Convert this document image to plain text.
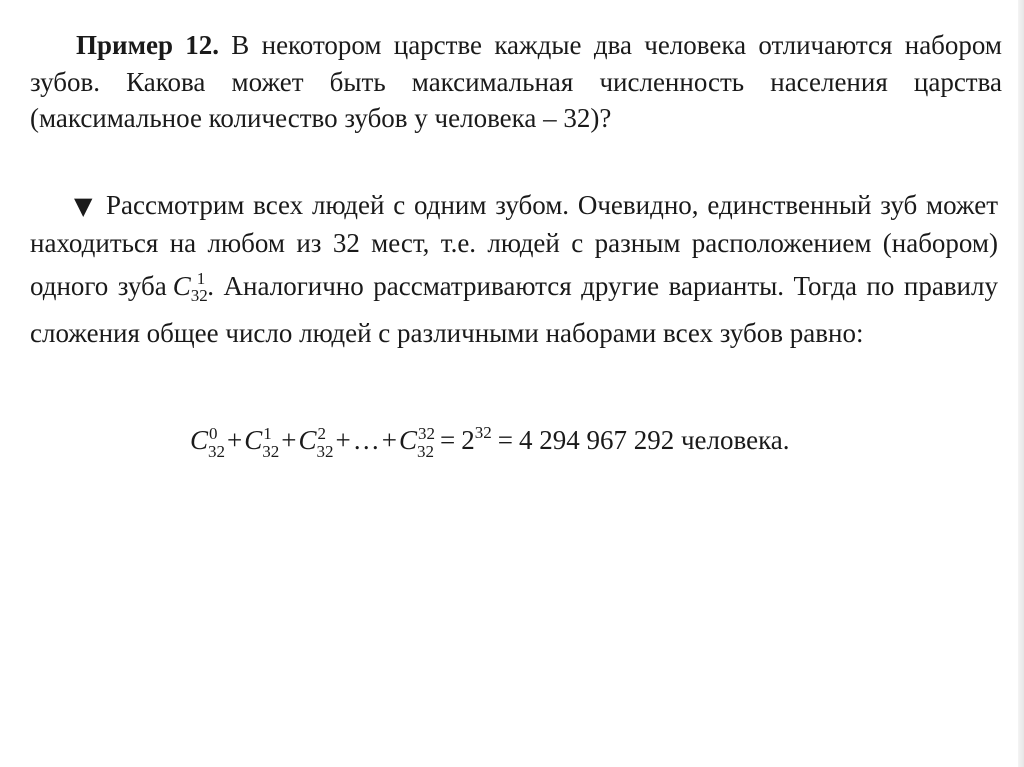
Пример 12. В некотором царстве каждые два человека отличаются набором зубов. Какова может быть максимальная численность населения царства (максимальное количество зубов у человека – 32)?

▼ Рассмотрим всех людей с одним зубом. Очевидно, единственный зуб может находиться на любом из 32 мест, т.е. людей с разным расположением (набором) одного зуба $C_{32}^1$. Аналогично рассматриваются другие варианты. Тогда по правилу сложения общее число людей с различными наборами всех зубов равно:

C 0
$_{32}$+C 1
$_{32}$+C 2
$_{32}$+…+C 32
$_{32} = 2^{32} = 4$ 294 967 292 человека.
